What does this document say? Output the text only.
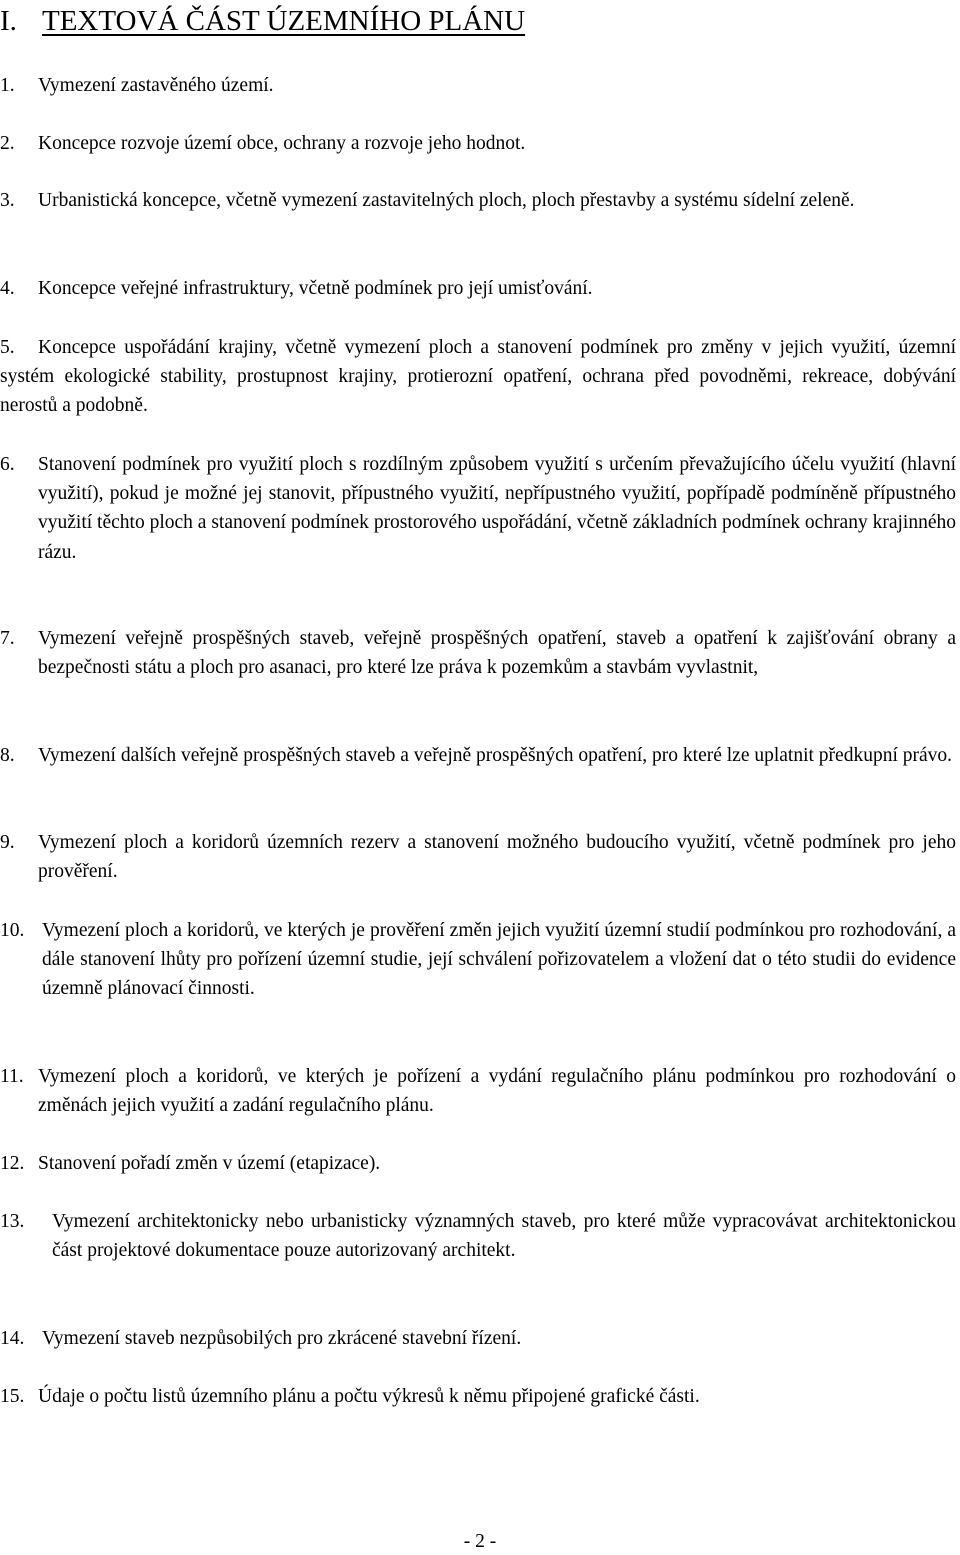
I. TEXTOVÁ ČÁST ÚZEMNÍHO PLÁNU
1. Vymezení zastavěného území.
2. Koncepce rozvoje území obce, ochrany a rozvoje jeho hodnot.
3.	Urbanistická koncepce, včetně vymezení zastavitelných ploch, ploch přestavby a systému sídelní zeleně.
4. Koncepce veřejné infrastruktury, včetně podmínek pro její umisťování.
5.	Koncepce uspořádání krajiny, včetně vymezení ploch a stanovení podmínek pro změny v jejich využití, územní systém ekologické stability, prostupnost krajiny, protierozní opatření, ochrana před povodněmi, rekreace, dobývání nerostů a podobně.
6. Stanovení podmínek pro využití ploch s rozdílným způsobem využití s určením převažujícího účelu využití (hlavní využití), pokud je možné jej stanovit, přípustného využití, nepřípustného využití, popřípadě podmíněně přípustného využití těchto ploch a stanovení podmínek prostorového uspořádání, včetně základních podmínek ochrany krajinného rázu.
7. Vymezení veřejně prospěšných staveb, veřejně prospěšných opatření, staveb a opatření k zajišťování obrany a bezpečnosti státu a ploch pro asanaci, pro které lze práva k pozemkům a stavbám vyvlastnit,
8. Vymezení dalších veřejně prospěšných staveb a veřejně prospěšných opatření, pro které lze uplatnit předkupní právo.
9. Vymezení ploch a koridorů územních rezerv a stanovení možného budoucího využití, včetně podmínek pro jeho prověření.
10. Vymezení ploch a koridorů, ve kterých je prověření změn jejich využití územní studií podmínkou pro rozhodování, a dále stanovení lhůty pro pořízení územní studie, její schválení pořizovatelem a vložení dat o této studii do evidence územně plánovací činnosti.
11. Vymezení ploch a koridorů, ve kterých je pořízení a vydání regulačního plánu podmínkou pro rozhodování o změnách jejich využití a zadání regulačního plánu.
12. Stanovení pořadí změn v území (etapizace).
13. Vymezení architektonicky nebo urbanisticky významných staveb, pro které může vypracovávat architektonickou část projektové dokumentace pouze autorizovaný architekt.
14. Vymezení staveb nezpůsobilých pro zkrácené stavební řízení.
15. Údaje o počtu listů územního plánu a počtu výkresů k němu připojené grafické části.
- 2 -
